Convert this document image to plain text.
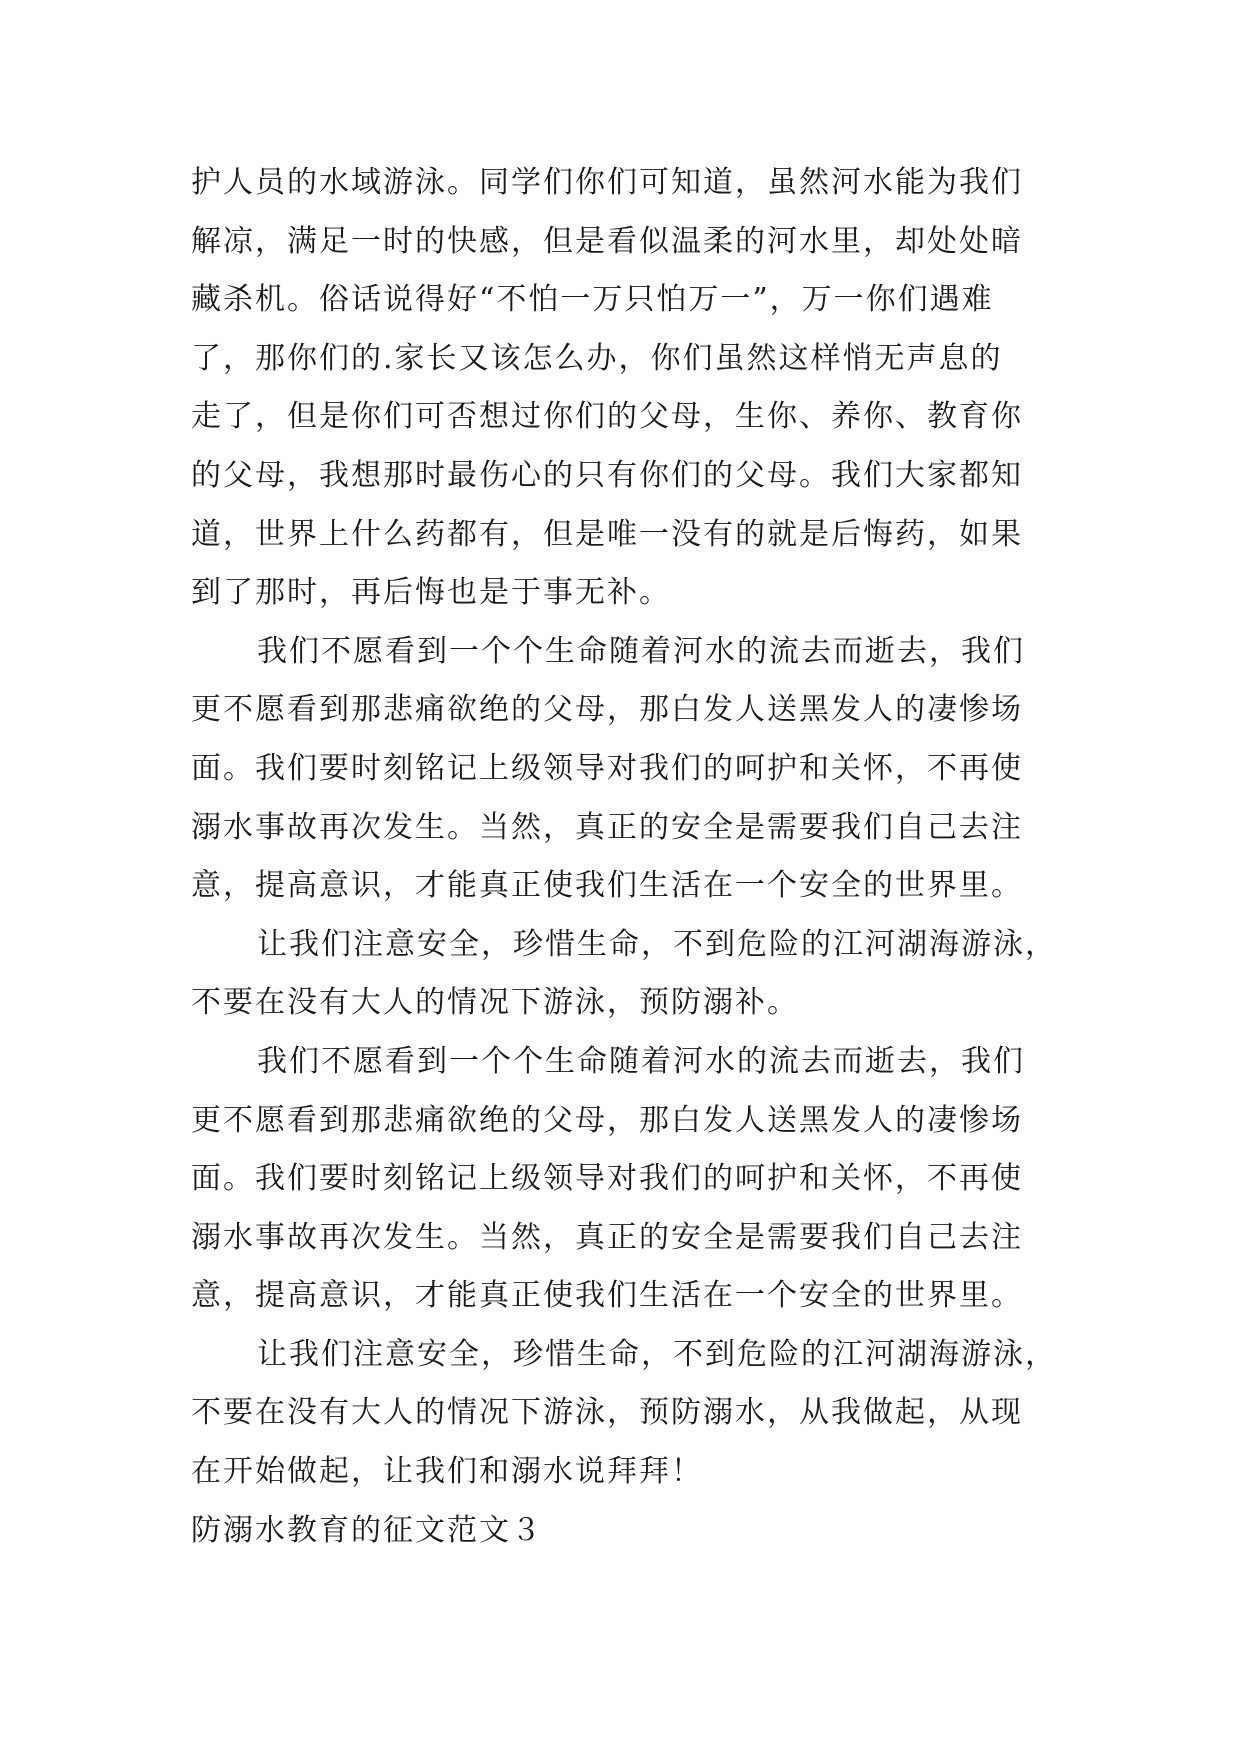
护人员的水域游泳。同学们你们可知道，虽然河水能为我们
解凉，满足一时的快感，但是看似温柔的河水里，却处处暗
藏杀机。俗话说得好“不怕一万只怕万一”，万一你们遇难
了，那你们的.家长又该怎么办，你们虽然这样悄无声息的
走了，但是你们可否想过你们的父母，生你、养你、教育你
的父母，我想那时最伤心的只有你们的父母。我们大家都知
道，世界上什么药都有，但是唯一没有的就是后悔药，如果
到了那时，再后悔也是于事无补。
我们不愿看到一个个生命随着河水的流去而逝去，我们
更不愿看到那悲痛欲绝的父母，那白发人送黑发人的凄惨场
面。我们要时刻铭记上级领导对我们的呵护和关怀，不再使
溺水事故再次发生。当然，真正的安全是需要我们自己去注
意，提高意识，才能真正使我们生活在一个安全的世界里。
让我们注意安全，珍惜生命，不到危险的江河湖海游泳，
不要在没有大人的情况下游泳，预防溺补。
我们不愿看到一个个生命随着河水的流去而逝去，我们
更不愿看到那悲痛欲绝的父母，那白发人送黑发人的凄惨场
面。我们要时刻铭记上级领导对我们的呵护和关怀，不再使
溺水事故再次发生。当然，真正的安全是需要我们自己去注
意，提高意识，才能真正使我们生活在一个安全的世界里。
让我们注意安全，珍惜生命，不到危险的江河湖海游泳，
不要在没有大人的情况下游泳，预防溺水，从我做起，从现
在开始做起，让我们和溺水说拜拜！
防溺水教育的征文范文３
